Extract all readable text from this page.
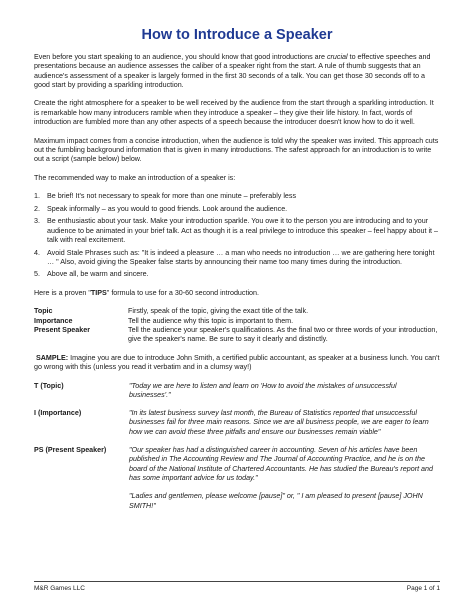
How to Introduce a Speaker

Even before you start speaking to an audience, you should know that good introductions are crucial to effective speeches and presentations because an audience assesses the caliber of a speaker right from the start. A rule of thumb suggests that an audience's assessment of a speaker is largely formed in the first 30 seconds of a talk. You can get those 30 seconds off to a good start by providing a sparkling introduction.

Create the right atmosphere for a speaker to be well received by the audience from the start through a sparkling introduction. It is remarkable how many introducers ramble when they introduce a speaker – they give their life history. In fact, words of introduction are fumbled more than any other aspects of a speech because the introducer doesn't know how to do it well.

Maximum impact comes from a concise introduction, when the audience is told why the speaker was invited. This approach cuts out the fumbling background information that is given in many introductions. The safest approach for an introduction is to write out a script (sample below) below.

The recommended way to make an introduction of a speaker is:

1. Be brief! It's not necessary to speak for more than one minute – preferably less
2. Speak informally – as you would to good friends. Look around the audience.
3. Be enthusiastic about your task. Make your introduction sparkle. You owe it to the person you are introducing and to your audience to be animated in your brief talk. Act as though it is a real privilege to introduce this speaker – feel happy about it – talk with real excitement.
4. Avoid Stale Phrases such as: "It is indeed a pleasure … a man who needs no introduction … we are gathering here tonight … " Also, avoid giving the Speaker false starts by announcing their name too many times during the introduction.
5. Above all, be warm and sincere.

Here is a proven "TIPS" formula to use for a 30-60 second introduction.

Topic	Firstly, speak of the topic, giving the exact title of the talk.
Importance	Tell the audience why this topic is important to them.
Present Speaker	Tell the audience your speaker's qualifications. As the final two or three words of your introduction, give the speaker's name. Be sure to say it clearly and distinctly.

SAMPLE: Imagine you are due to introduce John Smith, a certified public accountant, as speaker at a business lunch. You can't go wrong with this (unless you read it verbatim and in a clumsy way!)

T (Topic)	"Today we are here to listen and learn on 'How to avoid the mistakes of unsuccessful businesses'."
I (Importance)	"In its latest business survey last month, the Bureau of Statistics reported that unsuccessful businesses fail for three main reasons. Since we are all business people, we are eager to learn how we can avoid these three pitfalls and ensure our businesses remain viable"
PS (Present Speaker)	"Our speaker has had a distinguished career in accounting. Seven of his articles have been published in The Accounting Review and The Journal of Accounting Practice, and he is on the board of the National Institute of Chartered Accountants. He has studied the Bureau's report and has some important advice for us today."
"Ladies and gentlemen, please welcome [pause]" or, " I am pleased to present [pause] JOHN SMITH!"
M&R Games LLC	Page 1 of 1
